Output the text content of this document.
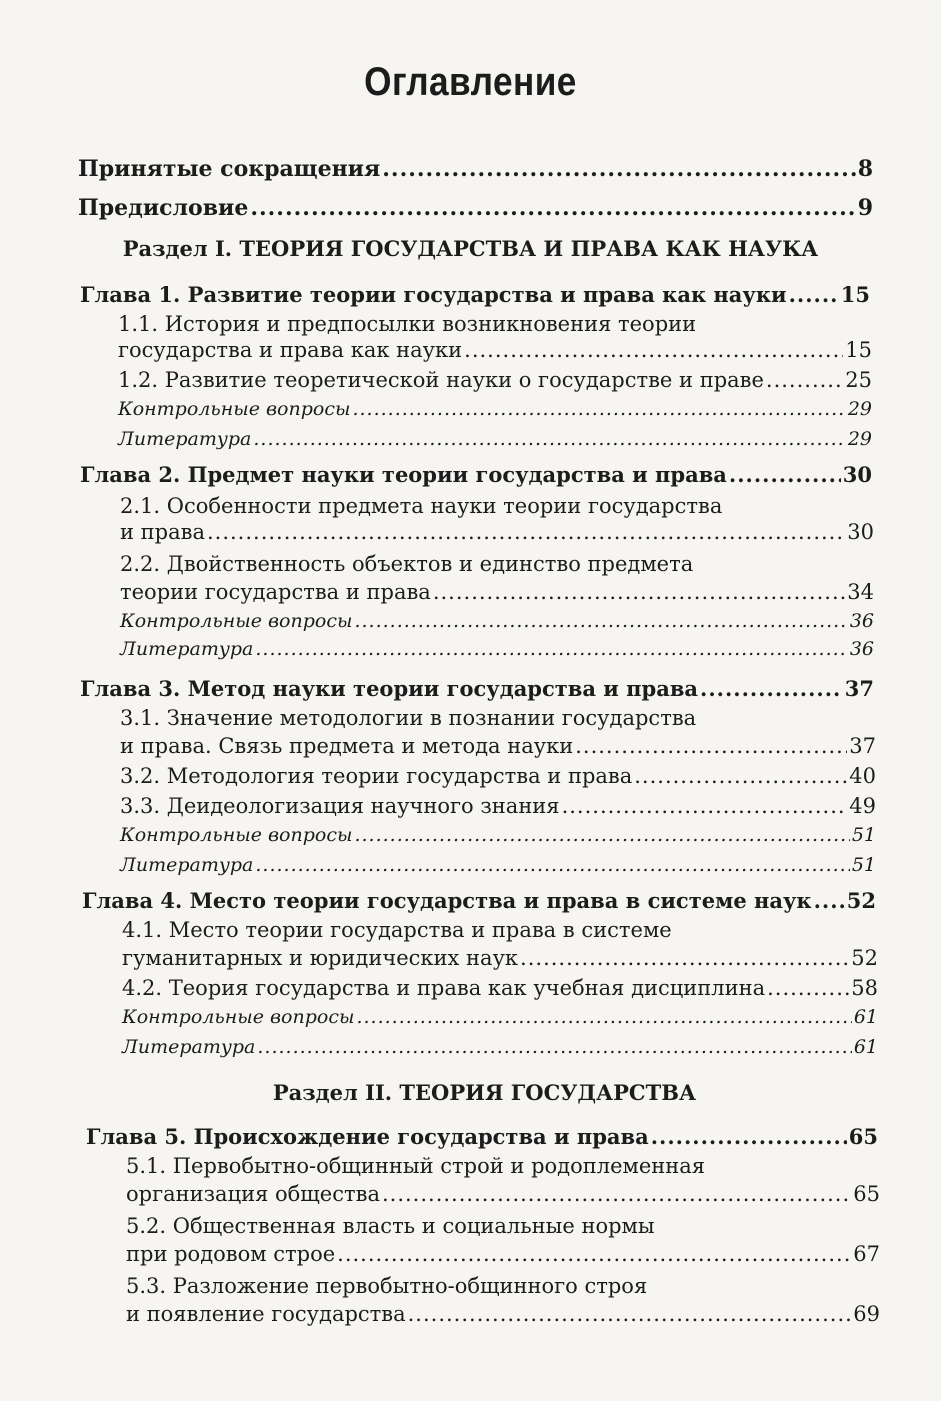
Оглавление
Принятые сокращения .....	8
Предисловие .....	9
Раздел I. ТЕОРИЯ ГОСУДАРСТВА И ПРАВА КАК НАУКА
Глава 1. Развитие теории государства и права как науки .....	15
1.1. История и предпосылки возникновения теории
государства и права как науки .....	15
1.2. Развитие теоретической науки о государстве и праве .....	25
Контрольные вопросы .....	29
Литература .....	29
Глава 2. Предмет науки теории государства и права .....	30
2.1. Особенности предмета науки теории государства
и права .....	30
2.2. Двойственность объектов и единство предмета
теории государства и права .....	34
Контрольные вопросы .....	36
Литература .....	36
Глава 3. Метод науки теории государства и права .....	37
3.1. Значение методологии в познании государства
и права. Связь предмета и метода науки .....	37
3.2. Методология теории государства и права .....	40
3.3. Деидеологизация научного знания .....	49
Контрольные вопросы .....	51
Литература .....	51
Глава 4. Место теории государства и права в системе наук ..... 52
4.1. Место теории государства и права в системе
гуманитарных и юридических наук .....	52
4.2. Теория государства и права как учебная дисциплина .....	58
Контрольные вопросы .....	61
Литература .....	61
Раздел II. ТЕОРИЯ ГОСУДАРСТВА
Глава 5. Происхождение государства и права .....	65
5.1. Первобытно-общинный строй и родоплеменная
организация общества .....	65
5.2. Общественная власть и социальные нормы
при родовом строе .....	67
5.3. Разложение первобытно-общинного строя
и появление государства .....	69
